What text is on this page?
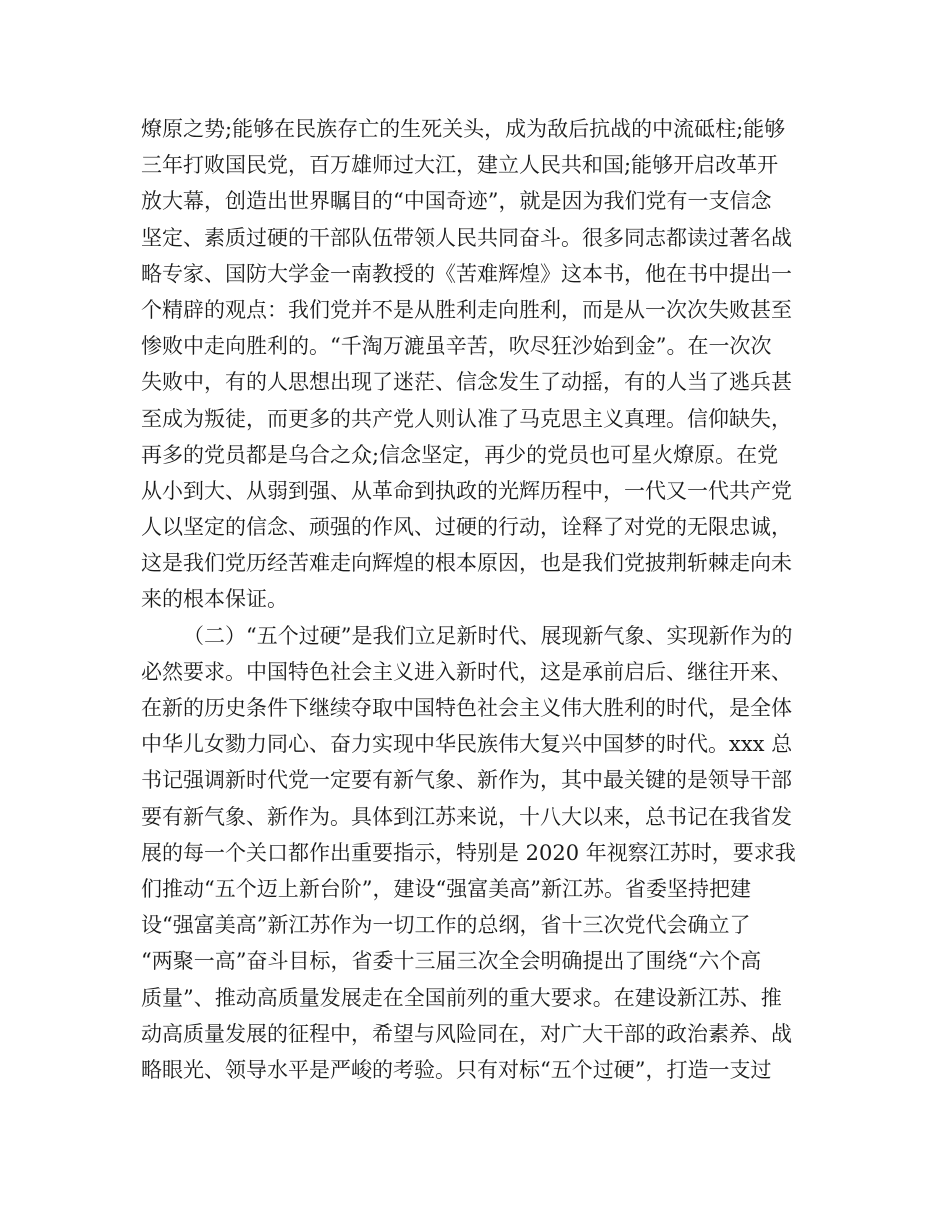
燎原之势;能够在民族存亡的生死关头，成为敌后抗战的中流砥柱;能够
三年打败国民党，百万雄师过大江，建立人民共和国;能够开启改革开
放大幕，创造出世界瞩目的“中国奇迹”，就是因为我们党有一支信念
坚定、素质过硬的干部队伍带领人民共同奋斗。很多同志都读过著名战
略专家、国防大学金一南教授的《苦难辉煌》这本书，他在书中提出一
个精辟的观点：我们党并不是从胜利走向胜利，而是从一次次失败甚至
惨败中走向胜利的。“千淘万漉虽辛苦，吹尽狂沙始到金”。在一次次
失败中，有的人思想出现了迷茫、信念发生了动摇，有的人当了逃兵甚
至成为叛徒，而更多的共产党人则认准了马克思主义真理。信仰缺失，
再多的党员都是乌合之众;信念坚定，再少的党员也可星火燎原。在党
从小到大、从弱到强、从革命到执政的光辉历程中，一代又一代共产党
人以坚定的信念、顽强的作风、过硬的行动，诠释了对党的无限忠诚，
这是我们党历经苦难走向辉煌的根本原因，也是我们党披荆斩棘走向未
来的根本保证。
（二）“五个过硬”是我们立足新时代、展现新气象、实现新作为的
必然要求。中国特色社会主义进入新时代，这是承前启后、继往开来、
在新的历史条件下继续夺取中国特色社会主义伟大胜利的时代，是全体
中华儿女勠力同心、奋力实现中华民族伟大复兴中国梦的时代。xxx 总
书记强调新时代党一定要有新气象、新作为，其中最关键的是领导干部
要有新气象、新作为。具体到江苏来说，十八大以来，总书记在我省发
展的每一个关口都作出重要指示，特别是 2020 年视察江苏时，要求我
们推动“五个迈上新台阶”，建设“强富美高”新江苏。省委坚持把建
设“强富美高”新江苏作为一切工作的总纲，省十三次党代会确立了
“两聚一高”奋斗目标，省委十三届三次全会明确提出了围绕“六个高
质量”、推动高质量发展走在全国前列的重大要求。在建设新江苏、推
动高质量发展的征程中，希望与风险同在，对广大干部的政治素养、战
略眼光、领导水平是严峻的考验。只有对标“五个过硬”，打造一支过
